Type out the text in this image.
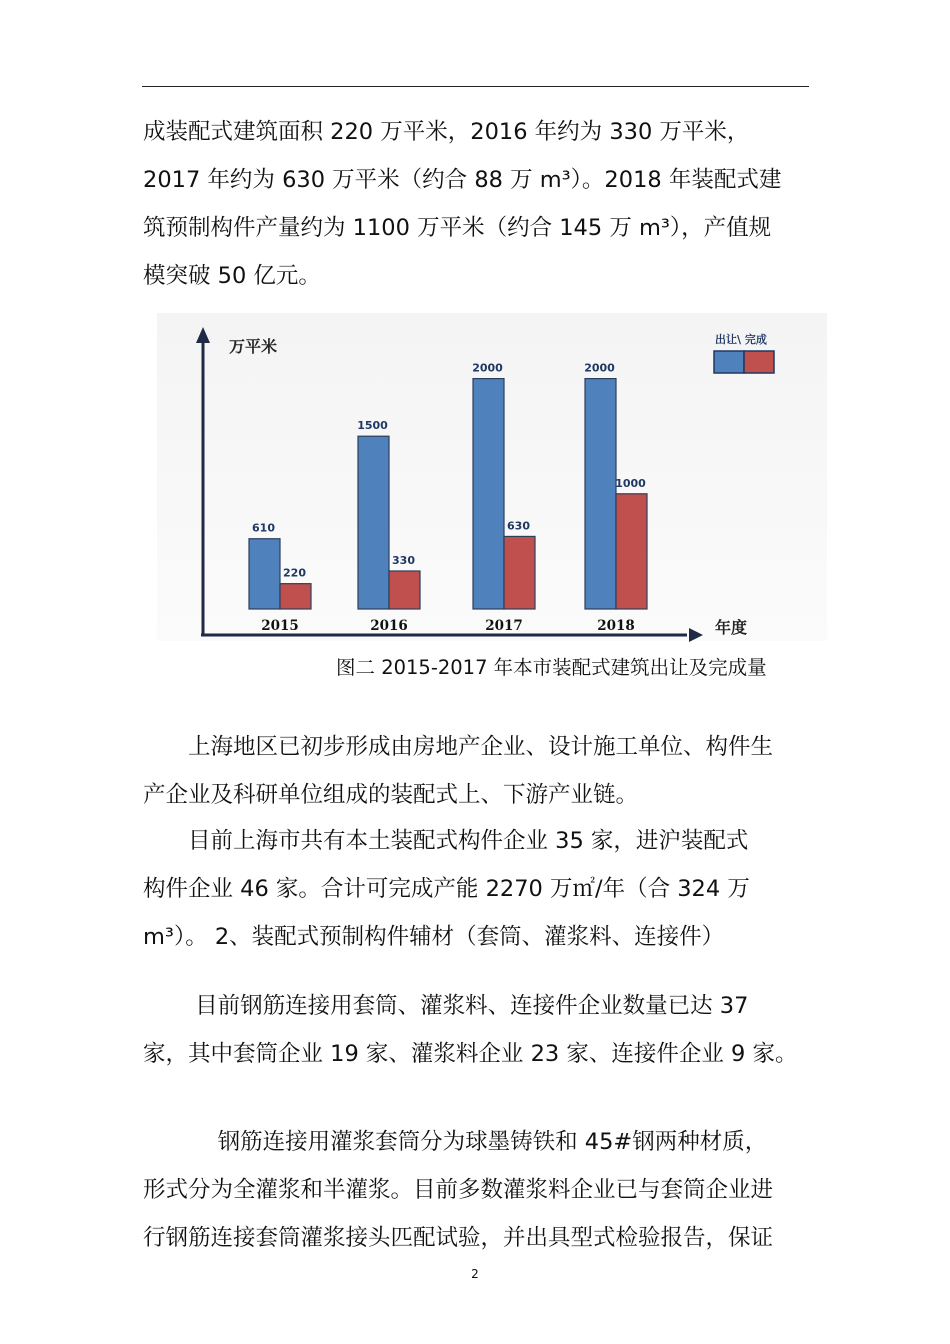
成装配式建筑面积 220 万平米，2016 年约为 330 万平米，
2017 年约为 630 万平米（约合 88 万 m³）。2018 年装配式建
筑预制构件产量约为 1100 万平米（约合 145 万 m³），产值规
模突破 50 亿元。

610
220
2015
1500
330
2016
2000
630
2017
2000
1000
2018
万平米
年度
出让\ 完成
图二 2015-2017 年本市装配式建筑出让及完成量

　　上海地区已初步形成由房地产企业、设计施工单位、构件生
产企业及科研单位组成的装配式上、下游产业链。

　　目前上海市共有本土装配式构件企业 35 家，进沪装配式
构件企业 46 家。合计可完成产能 2270 万㎡/年（合 324 万
m³）。 2、装配式预制构件辅材（套筒、灌浆料、连接件）

　　 目前钢筋连接用套筒、灌浆料、连接件企业数量已达 37
家，其中套筒企业 19 家、灌浆料企业 23 家、连接件企业 9 家。

　　　 钢筋连接用灌浆套筒分为球墨铸铁和 45#钢两种材质，
形式分为全灌浆和半灌浆。目前多数灌浆料企业已与套筒企业进
行钢筋连接套筒灌浆接头匹配试验，并出具型式检验报告，保证

2
